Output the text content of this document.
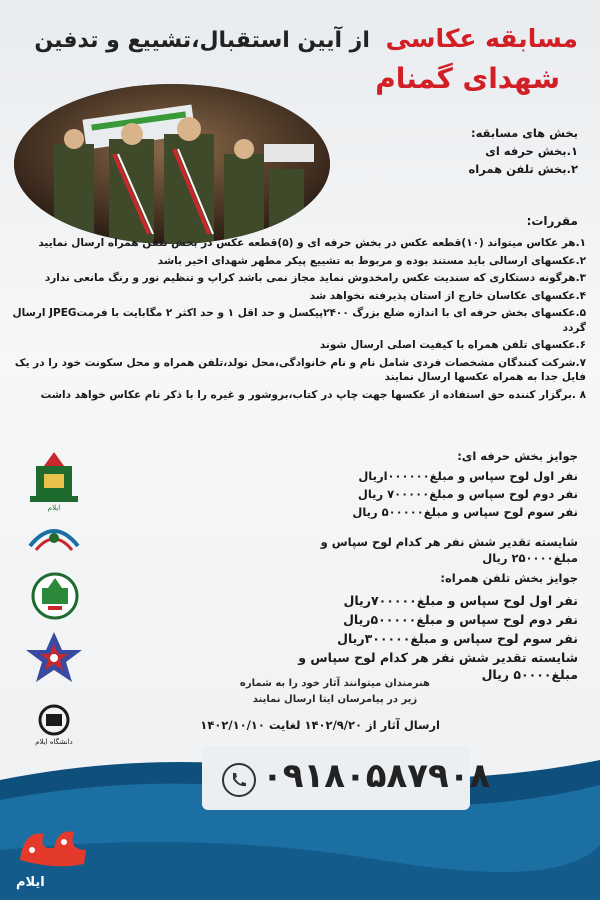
مسابقه عکاسی از آیین استقبال،تشییع و تدفین
شهدای گمنام
بخش های مسابقه:
۱.بخش حرفه ای
۲.بخش تلفن همراه
مقررات:
۱.هر عکاس میتواند (۱۰)قطعه عکس در بخش حرفه ای و (۵)قطعه عکس در بخش تلفن همراه ارسال نمایید
۲.عکسهای ارسالی باید مستند بوده و مربوط به تشییع پیکر مطهر شهدای اخیر باشد
۳.هرگونه دستکاری که سندیت عکس رامخدوش نماید مجاز نمی باشد کراپ و تنظیم نور و رنگ مانعی ندارد
۴.عکسهای عکاسان خارج از استان پذیرفته نخواهد شد
۵.عکسهای بخش حرفه ای با اندازه ضلع بزرگ ۲۴۰۰پیکسل و حد اقل ۱ و حد اکثر ۲ مگابایت با فرمتJPEG ارسال گردد
۶.عکسهای تلفن همراه با کیفیت اصلی ارسال شوند
۷.شرکت کنندگان مشخصات فردی شامل نام و نام خانوادگی،محل تولد،تلفن همراه و محل سکونت خود را در یک فایل جدا به همراه عکسها ارسال نمایند
۸ .برگزار کننده حق استفاده از عکسها جهت چاپ در کتاب،بروشور و غیره را با ذکر نام عکاس خواهد داشت
ایلام
دانشگاه ایلام
جوایز بخش حرفه ای:
نفر اول لوح سپاس و مبلغ۰۰۰۰۰۰اریال
نفر دوم لوح سپاس و مبلغ۷۰۰۰۰۰ ریال
نفر سوم لوح سپاس و مبلغ۵۰۰۰۰۰ ریال
شایسته تقدیر شش نفر هر کدام لوح سپاس و مبلغ۲۵۰۰۰۰ ریال
جوایز بخش تلفن همراه:
نفر اول لوح سپاس و مبلغ۷۰۰۰۰۰ریال
نفر دوم لوح سپاس و مبلغ۵۰۰۰۰۰ریال
نفر سوم لوح سپاس و مبلغ۳۰۰۰۰۰ریال
شایسته تقدیر شش نفر هر کدام لوح سپاس و مبلغ۵۰۰۰۰ ریال
هنرمندان میتوانند آثار خود را به شماره
زیر در پیامرسان ایتا ارسال نمایند
ارسال آثار از ۱۴۰۲/۹/۲۰ لغایت ۱۴۰۲/۱۰/۱۰
۰۹۱۸۰۵۸۷۹۰۸
ایلام
